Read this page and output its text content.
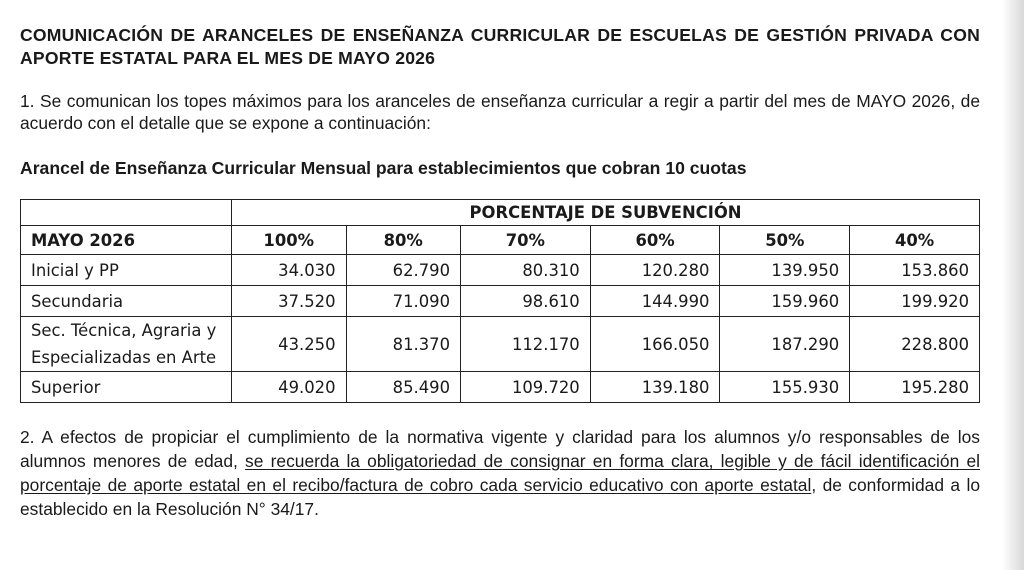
COMUNICACIÓN DE ARANCELES DE ENSEÑANZA CURRICULAR DE ESCUELAS DE GESTIÓN PRIVADA CON APORTE ESTATAL PARA EL MES DE MAYO 2026
1. Se comunican los topes máximos para los aranceles de enseñanza curricular a regir a partir del mes de MAYO 2026, de acuerdo con el detalle que se expone a continuación:
Arancel de Enseñanza Curricular Mensual para establecimientos que cobran 10 cuotas
	PORCENTAJE DE SUBVENCIÓN					
MAYO 2026	100%	80%	70%	60%	50%	40%
Inicial y PP	34.030	62.790	80.310	120.280	139.950	153.860
Secundaria	37.520	71.090	98.610	144.990	159.960	199.920
Sec. Técnica, Agraria y Especializadas en Arte	43.250	81.370	112.170	166.050	187.290	228.800
Superior	49.020	85.490	109.720	139.180	155.930	195.280
2. A efectos de propiciar el cumplimiento de la normativa vigente y claridad para los alumnos y/o responsables de los alumnos menores de edad, se recuerda la obligatoriedad de consignar en forma clara, legible y de fácil identificación el porcentaje de aporte estatal en el recibo/factura de cobro cada servicio educativo con aporte estatal, de conformidad a lo establecido en la Resolución N° 34/17.
